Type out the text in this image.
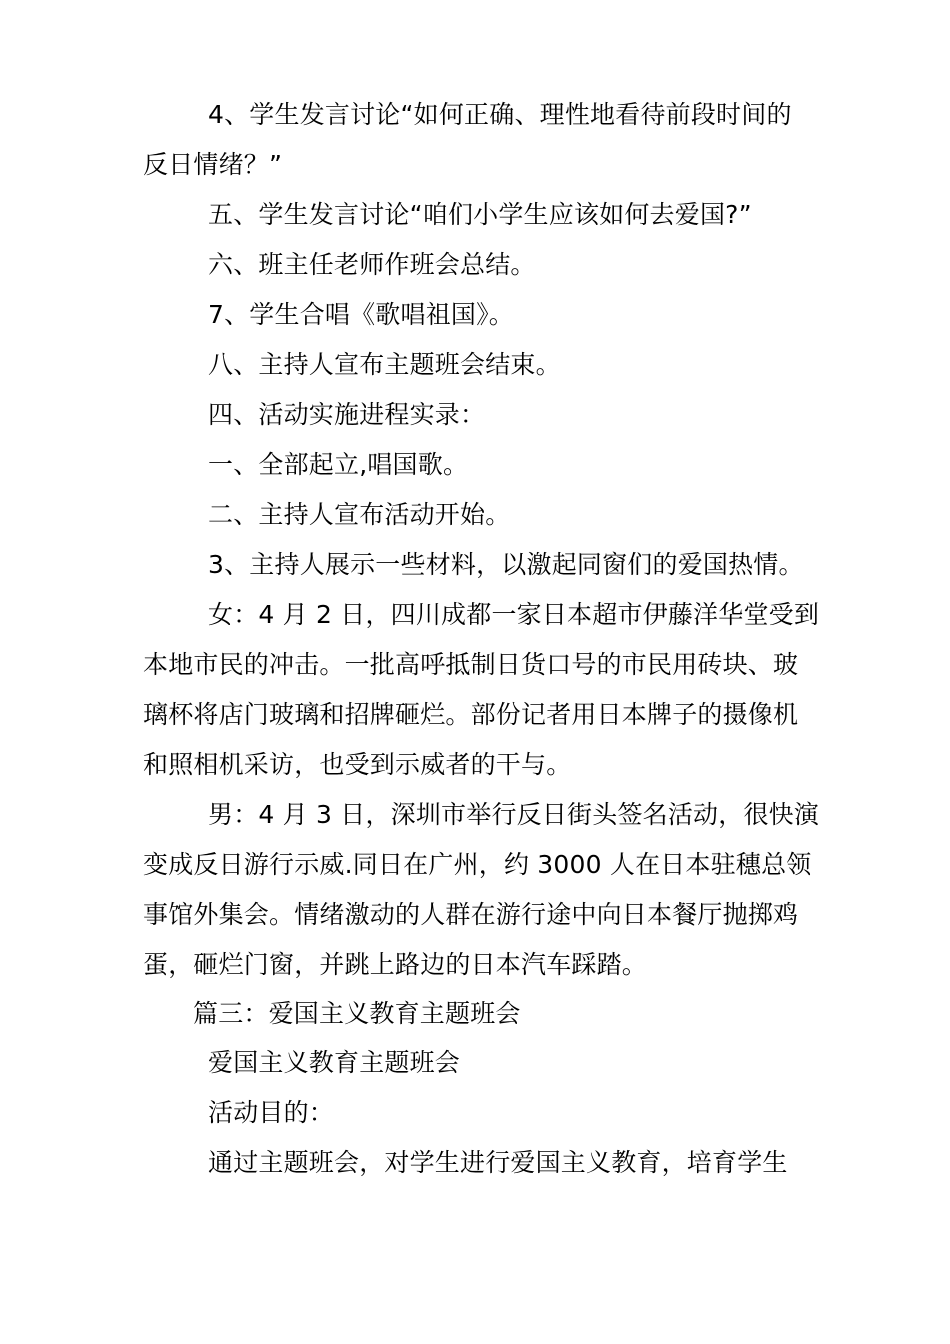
4、学生发言讨论“如何正确、理性地看待前段时间的
反日情绪？”
五、学生发言讨论“咱们小学生应该如何去爱国?”
六、班主任老师作班会总结。
7、学生合唱《歌唱祖国》。
八、主持人宣布主题班会结束。
四、活动实施进程实录：
一、全部起立,唱国歌。
二、主持人宣布活动开始。
3、主持人展示一些材料，以激起同窗们的爱国热情。
女：4 月 2 日，四川成都一家日本超市伊藤洋华堂受到
本地市民的冲击。一批高呼抵制日货口号的市民用砖块、玻
璃杯将店门玻璃和招牌砸烂。部份记者用日本牌子的摄像机
和照相机采访，也受到示威者的干与。
男：4 月 3 日，深圳市举行反日街头签名活动，很快演
变成反日游行示威.同日在广州，约 3000 人在日本驻穗总领
事馆外集会。情绪激动的人群在游行途中向日本餐厅抛掷鸡
蛋，砸烂门窗，并跳上路边的日本汽车踩踏。
篇三：爱国主义教育主题班会
爱国主义教育主题班会
活动目的：
通过主题班会，对学生进行爱国主义教育，培育学生
